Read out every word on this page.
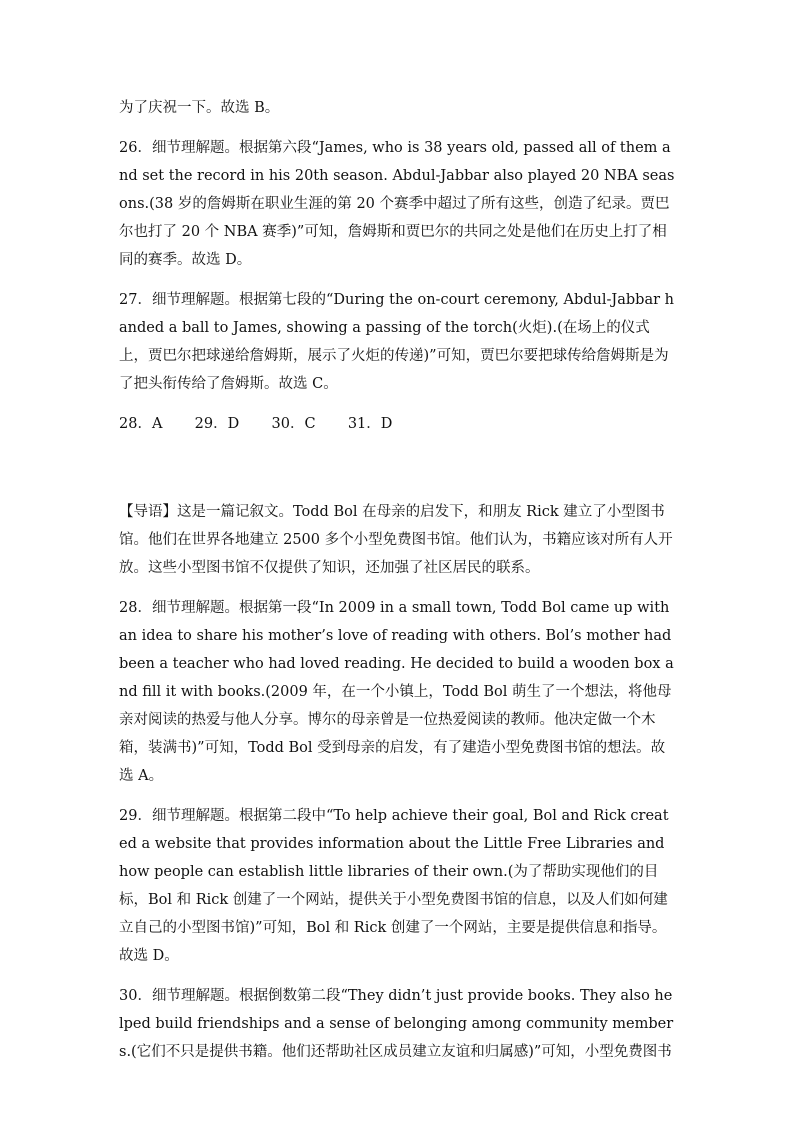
为了庆祝一下。故选 B。

26．细节理解题。根据第六段“James, who is 38 years old, passed all of them and set the record in his 20th season. Abdul-Jabbar also played 20 NBA seasons.(38 岁的詹姆斯在职业生涯的第 20 个赛季中超过了所有这些，创造了纪录。贾巴尔也打了 20 个 NBA 赛季)”可知，詹姆斯和贾巴尔的共同之处是他们在历史上打了相同的赛季。故选 D。

27．细节理解题。根据第七段的“During the on-court ceremony, Abdul-Jabbar handed a ball to James, showing a passing of the torch(火炬).(在场上的仪式上，贾巴尔把球递给詹姆斯，展示了火炬的传递)”可知，贾巴尔要把球传给詹姆斯是为了把头衔传给了詹姆斯。故选 C。

28．A       29．D       30．C       31．D

【导语】这是一篇记叙文。Todd Bol 在母亲的启发下，和朋友 Rick 建立了小型图书馆。他们在世界各地建立 2500 多个小型免费图书馆。他们认为，书籍应该对所有人开放。这些小型图书馆不仅提供了知识，还加强了社区居民的联系。

28．细节理解题。根据第一段“In 2009 in a small town, Todd Bol came up with an idea to share his mother’s love of reading with others. Bol’s mother had been a teacher who had loved reading. He decided to build a wooden box and fill it with books.(2009 年，在一个小镇上，Todd Bol 萌生了一个想法，将他母亲对阅读的热爱与他人分享。博尔的母亲曾是一位热爱阅读的教师。他决定做一个木箱，装满书)”可知，Todd Bol 受到母亲的启发，有了建造小型免费图书馆的想法。故选 A。

29．细节理解题。根据第二段中“To help achieve their goal, Bol and Rick created a website that provides information about the Little Free Libraries and how people can establish little libraries of their own.(为了帮助实现他们的目标，Bol 和 Rick 创建了一个网站，提供关于小型免费图书馆的信息，以及人们如何建立自己的小型图书馆)”可知，Bol 和 Rick 创建了一个网站，主要是提供信息和指导。故选 D。

30．细节理解题。根据倒数第二段“They didn’t just provide books. They also helped build friendships and a sense of belonging among community members.(它们不只是提供书籍。他们还帮助社区成员建立友谊和归属感)”可知，小型免费图书
